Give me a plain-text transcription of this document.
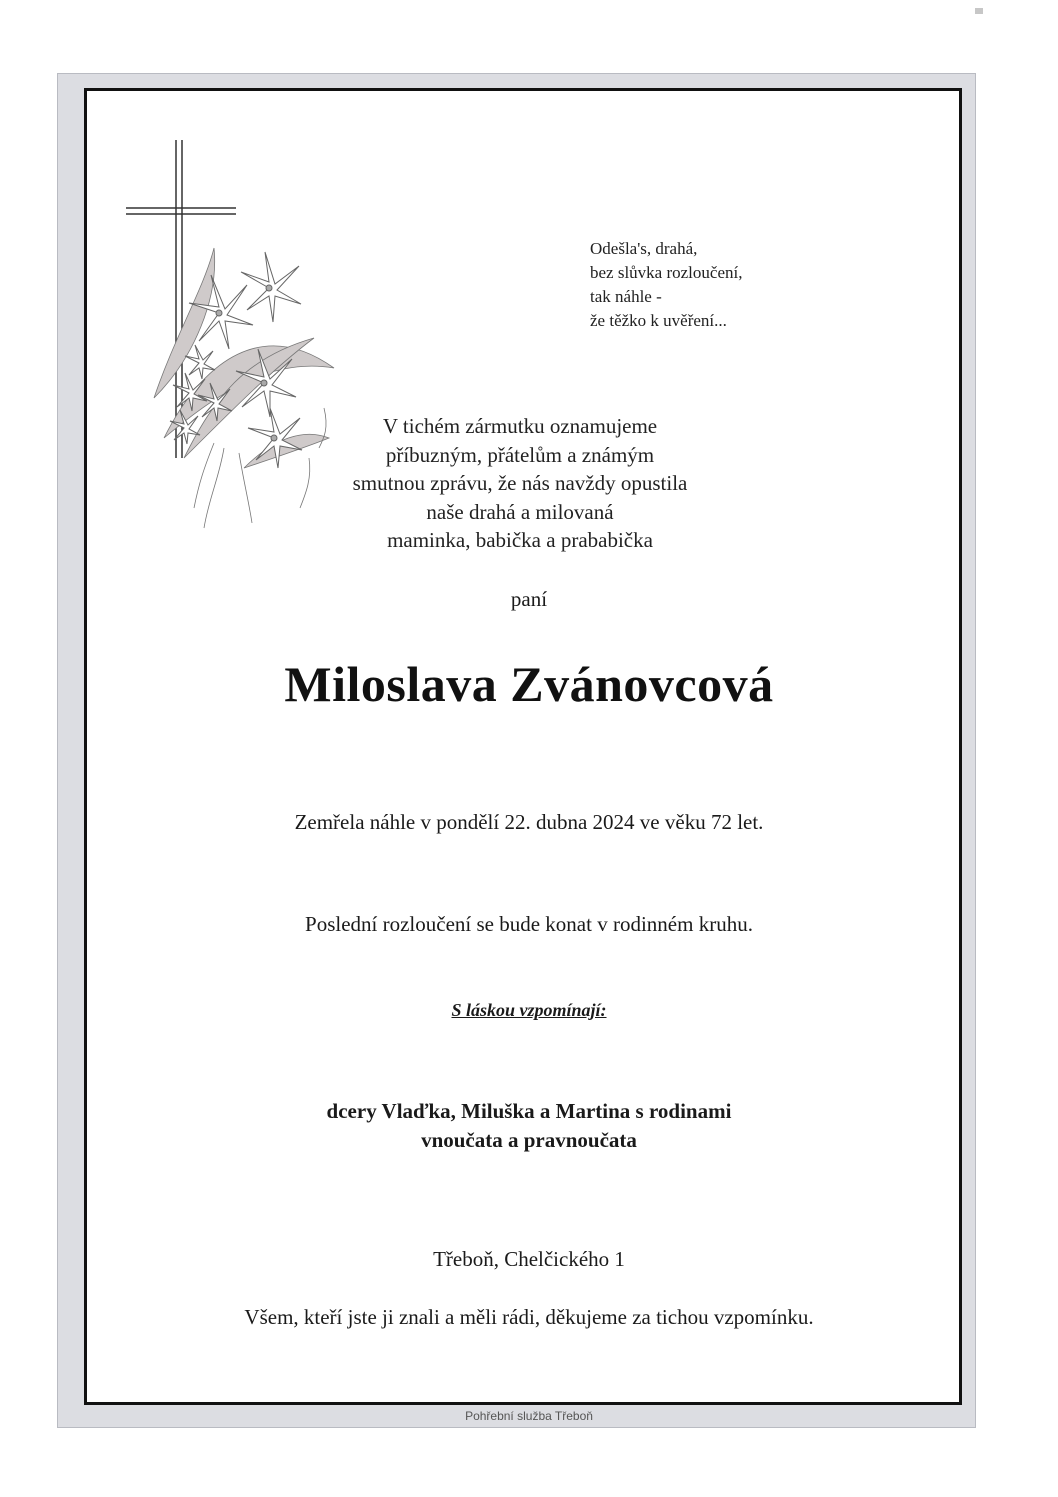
Odešla's, drahá,
bez slůvka rozloučení,
tak náhle -
že těžko k uvěření...
V tichém zármutku oznamujeme
příbuzným, přátelům a známým
smutnou zprávu, že nás navždy opustila
naše drahá a milovaná
maminka, babička a prababička
paní
Miloslava Zvánovcová
Zemřela náhle v pondělí 22. dubna 2024 ve věku 72 let.
Poslední rozloučení se bude konat v rodinném kruhu.
S láskou vzpomínají:
dcery Vlaďka, Miluška a Martina s rodinami
vnoučata a pravnoučata
Třeboň, Chelčického 1
Všem, kteří jste ji znali a měli rádi, děkujeme za tichou vzpomínku.
Pohřební služba Třeboň
